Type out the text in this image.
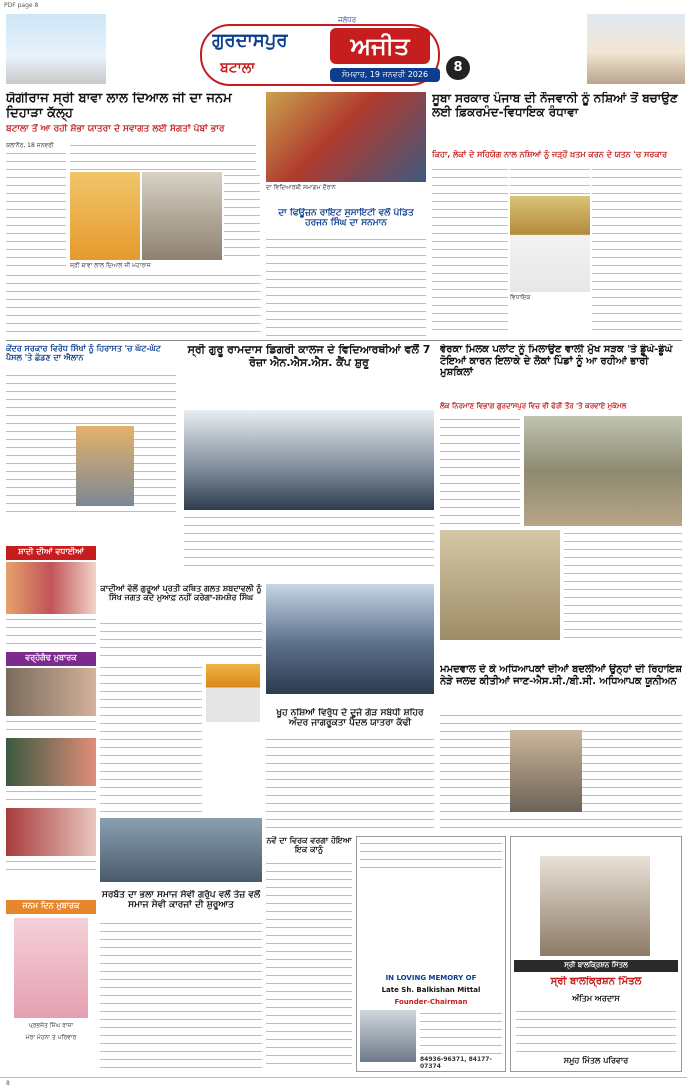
PDF page 8
ਗੁਰਦਾਸਪੁਰ
ਬਟਾਲਾ
ਜਲੰਧਰ
ਅਜੀਤ
ਸੋਮਵਾਰ, 19 ਜਨਵਰੀ 2026	8
ਯੋਗੀਰਾਜ ਸ੍ਰੀ ਬਾਵਾ ਲਾਲ ਦਿਆਲ ਜੀ ਦਾ ਜਨਮ ਦਿਹਾੜਾ ਕੱਲ੍ਹ
ਬਟਾਲਾ ਤੋਂ ਆ ਰਹੀ ਸ਼ੋਭਾ ਯਾਤਰਾ ਦੇ ਸਵਾਗਤ ਲਈ ਸੰਗਤਾਂ ਪੱਬਾਂ ਭਾਰ
ਕਲਾਨੌਰ, 18 ਜਨਵਰੀ
ਸ੍ਰੀ ਬਾਵਾ ਲਾਲ ਦਿਆਲ ਜੀ ਮਹਾਰਾਜ
ਦਾ ਵਿਦਿਆਰਥੀ ਸਮਾਗਮ ਦੌਰਾਨ
ਦਾ ਫਿਊਜ਼ਨ ਰਾਇਟ ਸੁਸਾਇਟੀ ਵਲੋਂ ਪੰਡਿਤ ਹਰਜਨ ਸਿੰਘ ਦਾ ਸਨਮਾਨ
ਸੂਬਾ ਸਰਕਾਰ ਪੰਜਾਬ ਦੀ ਨੌਜਵਾਨੀ ਨੂੰ ਨਸ਼ਿਆਂ ਤੋਂ ਬਚਾਉਣ ਲਈ ਫ਼ਿਕਰਮੰਦ-ਵਿਧਾਇਕ ਰੰਧਾਵਾ
ਕਿਹਾ, ਲੋਕਾਂ ਦੇ ਸਹਿਯੋਗ ਨਾਲ ਨਸ਼ਿਆਂ ਨੂੰ ਜੜ੍ਹੋਂ ਖ਼ਤਮ ਕਰਨ ਦੇ ਯਤਨ 'ਚ ਸਰਕਾਰ
ਵਿਧਾਇਕ
ਕੇਂਦਰ ਸਰਕਾਰ ਵਿਰੋਧ ਸਿੱਖਾਂ ਨੂੰ ਹਿਰਾਸਤ 'ਚ ਘੱਟ-ਘੱਟ ਪੈਸਲ 'ਤੇ ਛੱਡਣ ਦਾ ਐਲਾਨ
ਸ੍ਰੀ ਗੁਰੂ ਰਾਮਦਾਸ ਡਿਗਰੀ ਕਾਲਜ ਦੇ ਵਿਦਿਆਰਥੀਆਂ ਵਲੋਂ 7 ਰੋਜ਼ਾ ਐਨ.ਐਸ.ਐਸ. ਕੈਂਪ ਸ਼ੁਰੂ
ਵੇਰਕਾ ਮਿਲਕ ਪਲਾਂਟ ਨੂੰ ਮਿਲਾਉਣ ਵਾਲੀ ਮੁੱਖ ਸੜਕ 'ਤੇ ਡੂੰਘੇ-ਡੂੰਘੇ ਟੋਇਆਂ ਕਾਰਨ ਇਲਾਕੇ ਦੇ ਲੋਕਾਂ ਪਿੰਡਾਂ ਨੂੰ ਆ ਰਹੀਆਂ ਭਾਰੀ ਮੁਸ਼ਕਿਲਾਂ
ਲੋਕ ਨਿਰਮਾਣ ਵਿਭਾਗ ਗੁਰਦਾਸਪੁਰ ਵਿਚ ਵੀ ਫੇਰੀ ਤੌਰ 'ਤੇ ਕਰਵਾਏ ਮੁਕੰਮਲ
ਸ਼ਾਦੀ ਦੀਆਂ ਵਧਾਈਆਂ
ਵਰ੍ਹੇਗੰਢ ਮੁਬਾਰਕ
ਜਨਮ ਦਿਨ ਮੁਬਾਰਕ
ਪ੍ਰਭਜੋਤ ਸਿੰਘ ਰਾਜਾ
ਮੇਰਾ ਮੋਹਨਾ ਤੇ ਪਰਿਵਾਰ
ਕਾਦੀਆਂ ਵੱਲੋਂ ਗੁਰੂਆਂ ਪ੍ਰਤੀ ਕਥਿਤ ਗਲਤ ਸ਼ਬਦਾਵਲੀ ਨੂੰ ਸਿੱਖ ਜਗਤ ਕਦੇ ਮੁਆਫ਼ ਨਹੀਂ ਕਰੇਗਾ-ਸ਼ਮਸ਼ੇਰ ਸਿੰਘ
ਖੂਹ ਨਸ਼ਿਆਂ ਵਿਰੁੱਧ ਦੇ ਦੂਜੇ ਗੇੜ ਸਬੰਧੀ ਸ਼ਹਿਰ ਅੰਦਰ ਜਾਗਰੂਕਤਾ ਪੈਦਲ ਯਾਤਰਾ ਕੱਢੀ
ਮਮਦਵਾਲ ਦੇ ਕੇ ਅਧਿਆਪਕਾਂ ਦੀਆਂ ਬਦਲੀਆਂ ਉਨ੍ਹਾਂ ਦੀ ਰਿਹਾਇਸ਼ ਨੇੜੇ ਜਲਦ ਕੀਤੀਆਂ ਜਾਣ-ਐਸ.ਸੀ./ਬੀ.ਸੀ. ਅਧਿਆਪਕ ਯੂਨੀਅਨ
ਸਰਬੱਤ ਦਾ ਭਲਾ ਸਮਾਜ ਸੇਵੀ ਗਰੁੱਪ ਵਲੋਂ ਤੇਜ਼ ਵਲੋਂ ਸਮਾਜ ਸੇਵੀ ਕਾਰਜਾਂ ਦੀ ਸ਼ੁਰੂਆਤ
ਨਵੇਂ ਦਾ ਵਿਰਕ ਵਰਗਾ ਹੋਇਆ ਇਕ ਕਾਨੂੰ
IN LOVING MEMORY OF
Late Sh. Balkishan Mittal
Founder-Chairman
84936-96371, 84177-07374
ਸ੍ਰੀ ਬਾਲਕ੍ਰਿਸ਼ਨ ਮਿੱਤਲ
ਸ੍ਰੀ ਬਾਲਕ੍ਰਿਸ਼ਨ ਮਿੱਤਲ
ਅੰਤਿਮ ਅਰਦਾਸ
ਸਮੂਹ ਮਿੱਤਲ ਪਰਿਵਾਰ
8
